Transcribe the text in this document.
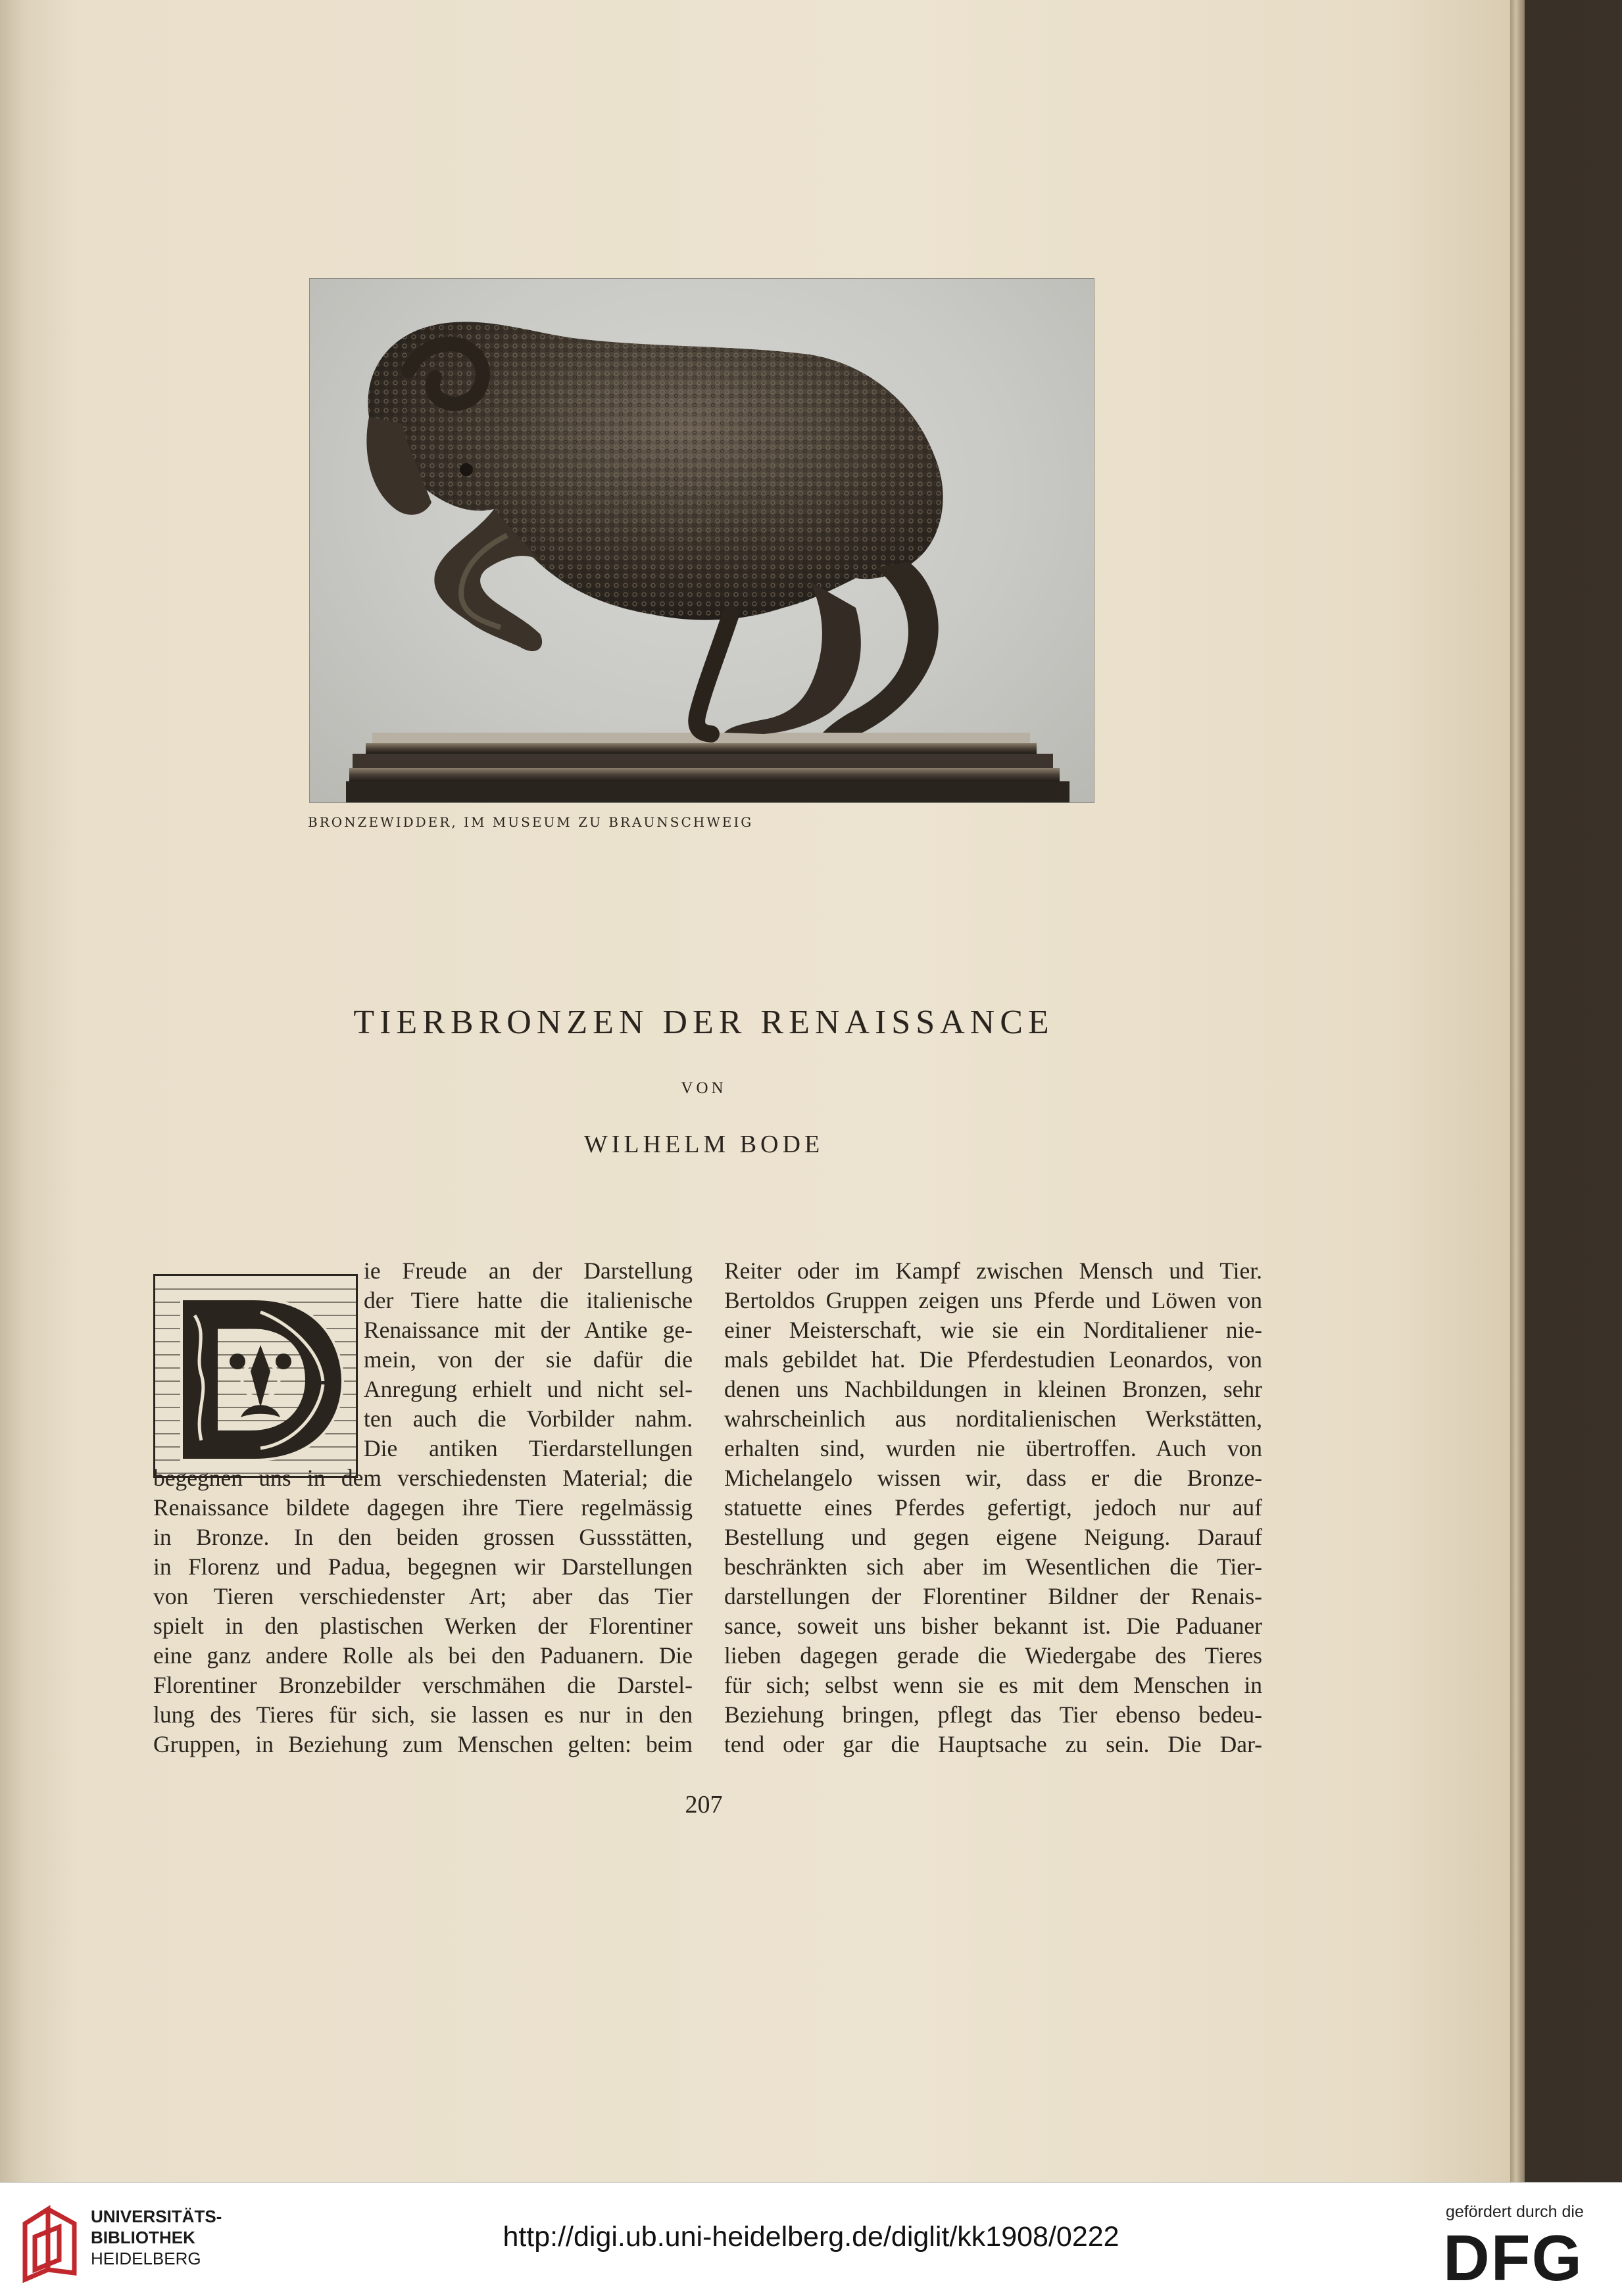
BRONZEWIDDER, IM MUSEUM ZU BRAUNSCHWEIG
TIERBRONZEN DER RENAISSANCE
VON
WILHELM BODE
ie Freude an der Darstellung
der Tiere hatte die italienische
Renaissance mit der Antike ge-
mein, von der sie dafür die
Anregung erhielt und nicht sel-
ten auch die Vorbilder nahm.
Die antiken Tierdarstellungen
begegnen uns in dem verschiedensten Material; die
Renaissance bildete dagegen ihre Tiere regelmässig
in Bronze. In den beiden grossen Gussstätten,
in Florenz und Padua, begegnen wir Darstellungen
von Tieren verschiedenster Art; aber das Tier
spielt in den plastischen Werken der Florentiner
eine ganz andere Rolle als bei den Paduanern. Die
Florentiner Bronzebilder verschmähen die Darstel-
lung des Tieres für sich, sie lassen es nur in den
Gruppen, in Beziehung zum Menschen gelten: beim
Reiter oder im Kampf zwischen Mensch und Tier.
Bertoldos Gruppen zeigen uns Pferde und Löwen von
einer Meisterschaft, wie sie ein Norditaliener nie-
mals gebildet hat. Die Pferdestudien Leonardos, von
denen uns Nachbildungen in kleinen Bronzen, sehr
wahrscheinlich aus norditalienischen Werkstätten,
erhalten sind, wurden nie übertroffen. Auch von
Michelangelo wissen wir, dass er die Bronze-
statuette eines Pferdes gefertigt, jedoch nur auf
Bestellung und gegen eigene Neigung. Darauf
beschränkten sich aber im Wesentlichen die Tier-
darstellungen der Florentiner Bildner der Renais-
sance, soweit uns bisher bekannt ist. Die Paduaner
lieben dagegen gerade die Wiedergabe des Tieres
für sich; selbst wenn sie es mit dem Menschen in
Beziehung bringen, pflegt das Tier ebenso bedeu-
tend oder gar die Hauptsache zu sein. Die Dar-
207
UNIVERSITÄTS-
BIBLIOTHEK
HEIDELBERG
http://digi.ub.uni-heidelberg.de/diglit/kk1908/0222
gefördert durch die
DFG
